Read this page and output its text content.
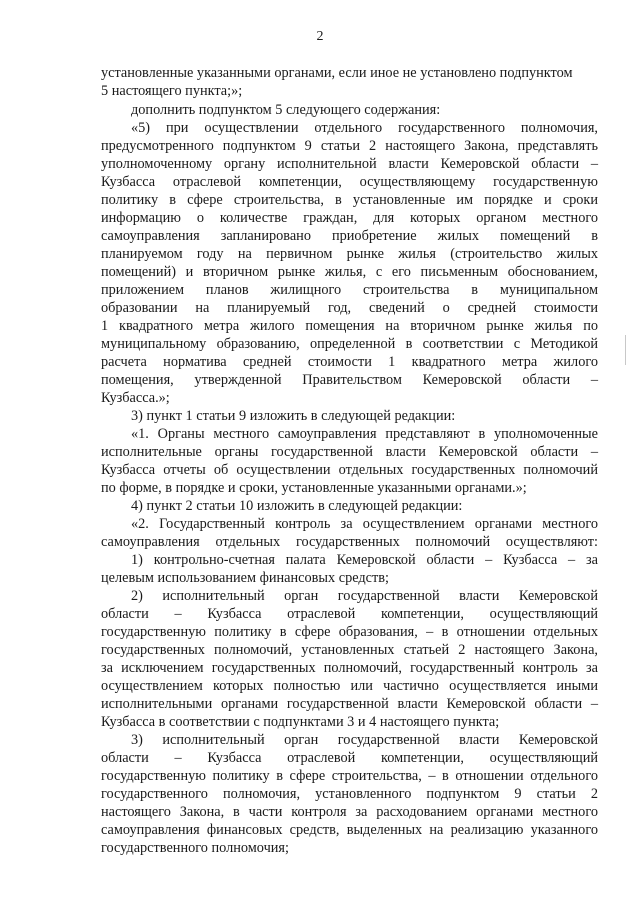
2
установленные указанными органами, если иное не установлено подпунктом
5 настоящего пункта;»;
дополнить подпунктом 5 следующего содержания:
«5) при осуществлении отдельного государственного полномочия,
предусмотренного подпунктом 9 статьи 2 настоящего Закона, представлять
уполномоченному органу исполнительной власти Кемеровской области –
Кузбасса отраслевой компетенции, осуществляющему государственную
политику в сфере строительства, в установленные им порядке и сроки
информацию о количестве граждан, для которых органом местного
самоуправления запланировано приобретение жилых помещений в
планируемом году на первичном рынке жилья (строительство жилых
помещений) и вторичном рынке жилья, с его письменным обоснованием,
приложением планов жилищного строительства в муниципальном
образовании на планируемый год, сведений о средней стоимости
1 квадратного метра жилого помещения на вторичном рынке жилья по
муниципальному образованию, определенной в соответствии с Методикой
расчета норматива средней стоимости 1 квадратного метра жилого
помещения, утвержденной Правительством Кемеровской области –
Кузбасса.»;
3) пункт 1 статьи 9 изложить в следующей редакции:
«1. Органы местного самоуправления представляют в уполномоченные
исполнительные органы государственной власти Кемеровской области –
Кузбасса отчеты об осуществлении отдельных государственных полномочий
по форме, в порядке и сроки, установленные указанными органами.»;
4) пункт 2 статьи 10 изложить в следующей редакции:
«2. Государственный контроль за осуществлением органами местного
самоуправления отдельных государственных полномочий осуществляют:
1) контрольно-счетная палата Кемеровской области – Кузбасса – за
целевым использованием финансовых средств;
2) исполнительный орган государственной власти Кемеровской
области – Кузбасса отраслевой компетенции, осуществляющий
государственную политику в сфере образования, – в отношении отдельных
государственных полномочий, установленных статьей 2 настоящего Закона,
за исключением государственных полномочий, государственный контроль за
осуществлением которых полностью или частично осуществляется иными
исполнительными органами государственной власти Кемеровской области –
Кузбасса в соответствии с подпунктами 3 и 4 настоящего пункта;
3) исполнительный орган государственной власти Кемеровской
области – Кузбасса отраслевой компетенции, осуществляющий
государственную политику в сфере строительства, – в отношении отдельного
государственного полномочия, установленного подпунктом 9 статьи 2
настоящего Закона, в части контроля за расходованием органами местного
самоуправления финансовых средств, выделенных на реализацию указанного
государственного полномочия;
